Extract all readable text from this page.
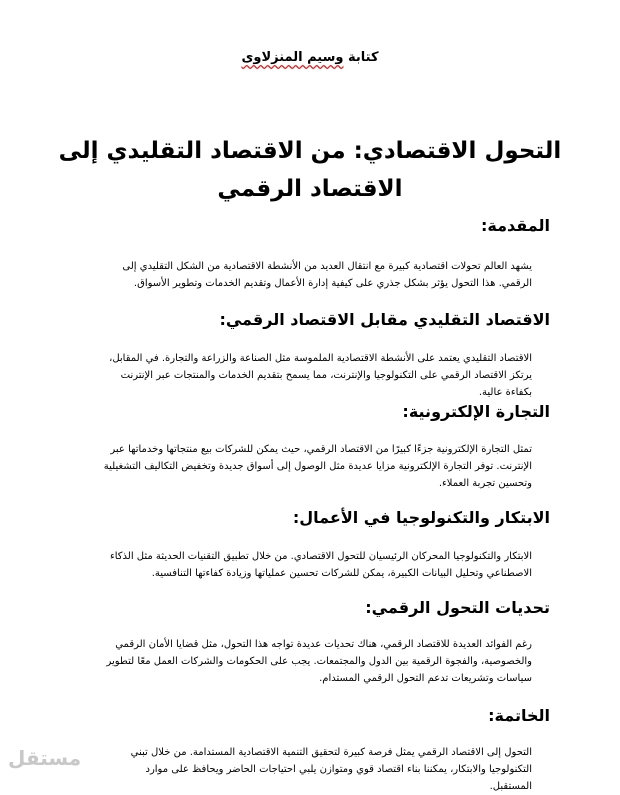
كتابة وسيم المنزلاوى
التحول الاقتصادي: من الاقتصاد التقليدي إلى الاقتصاد الرقمي
المقدمة:

يشهد العالم تحولات اقتصادية كبيرة مع انتقال العديد من الأنشطة الاقتصادية من الشكل التقليدي إلى الرقمي. هذا التحول يؤثر بشكل جذري على كيفية إدارة الأعمال وتقديم الخدمات وتطوير الأسواق.

الاقتصاد التقليدي مقابل الاقتصاد الرقمي:

الاقتصاد التقليدي يعتمد على الأنشطة الاقتصادية الملموسة مثل الصناعة والزراعة والتجارة. في المقابل، يرتكز الاقتصاد الرقمي على التكنولوجيا والإنترنت، مما يسمح بتقديم الخدمات والمنتجات عبر الإنترنت بكفاءة عالية.

التجارة الإلكترونية:

تمثل التجارة الإلكترونية جزءًا كبيرًا من الاقتصاد الرقمي، حيث يمكن للشركات بيع منتجاتها وخدماتها عبر الإنترنت. توفر التجارة الإلكترونية مزايا عديدة مثل الوصول إلى أسواق جديدة وتخفيض التكاليف التشغيلية وتحسين تجربة العملاء.

الابتكار والتكنولوجيا في الأعمال:

الابتكار والتكنولوجيا المحركان الرئيسيان للتحول الاقتصادي. من خلال تطبيق التقنيات الحديثة مثل الذكاء الاصطناعي وتحليل البيانات الكبيرة، يمكن للشركات تحسين عملياتها وزيادة كفاءتها التنافسية.

تحديات التحول الرقمي:

رغم الفوائد العديدة للاقتصاد الرقمي، هناك تحديات عديدة تواجه هذا التحول، مثل قضايا الأمان الرقمي والخصوصية، والفجوة الرقمية بين الدول والمجتمعات. يجب على الحكومات والشركات العمل معًا لتطوير سياسات وتشريعات تدعم التحول الرقمي المستدام.

الخاتمة:

التحول إلى الاقتصاد الرقمي يمثل فرصة كبيرة لتحقيق التنمية الاقتصادية المستدامة. من خلال تبني التكنولوجيا والابتكار، يمكننا بناء اقتصاد قوي ومتوازن يلبي احتياجات الحاضر ويحافظ على موارد المستقبل.

مستقل
